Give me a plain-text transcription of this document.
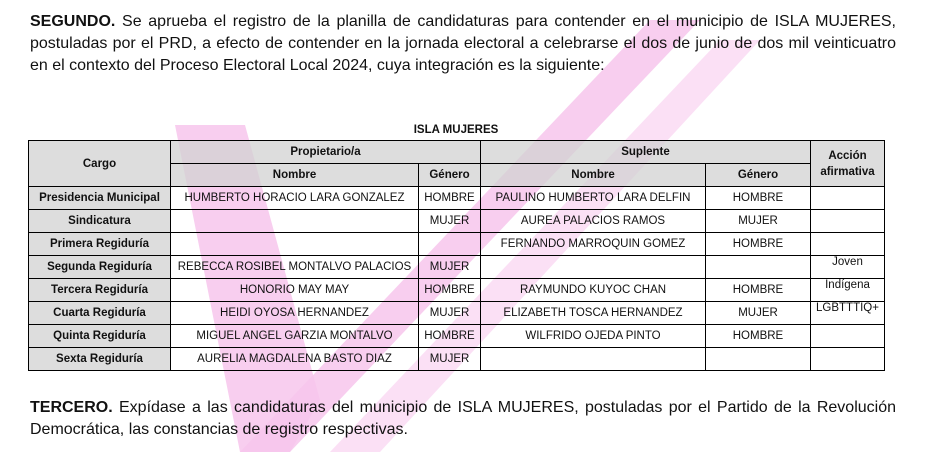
SEGUNDO. Se aprueba el registro de la planilla de candidaturas para contender en el municipio de ISLA MUJERES, postuladas por el PRD, a efecto de contender en la jornada electoral a celebrarse el dos de junio de dos mil veinticuatro en el contexto del Proceso Electoral Local 2024, cuya integración es la siguiente:
ISLA MUJERES
Cargo	Propietario/a		Suplente		Acción afirmativa
	Nombre	Género	Nombre	Género	
Presidencia Municipal	HUMBERTO HORACIO LARA GONZALEZ	HOMBRE	PAULINO HUMBERTO LARA DELFIN	HOMBRE	
Sindicatura		MUJER	AUREA PALACIOS RAMOS	MUJER	
Primera Regiduría			FERNANDO MARROQUIN GOMEZ	HOMBRE	
Segunda Regiduría	REBECCA ROSIBEL MONTALVO PALACIOS	MUJER			Joven
Tercera Regiduría	HONORIO MAY MAY	HOMBRE	RAYMUNDO KUYOC CHAN	HOMBRE	Indígena
Cuarta Regiduría	HEIDI OYOSA HERNANDEZ	MUJER	ELIZABETH TOSCA HERNANDEZ	MUJER	LGBTTTIQ+
Quinta Regiduría	MIGUEL ANGEL GARZIA MONTALVO	HOMBRE	WILFRIDO OJEDA PINTO	HOMBRE	
Sexta Regiduría	AURELIA MAGDALENA BASTO DIAZ	MUJER			
TERCERO. Expídase a las candidaturas del municipio de ISLA MUJERES, postuladas por el Partido de la Revolución Democrática, las constancias de registro respectivas.
